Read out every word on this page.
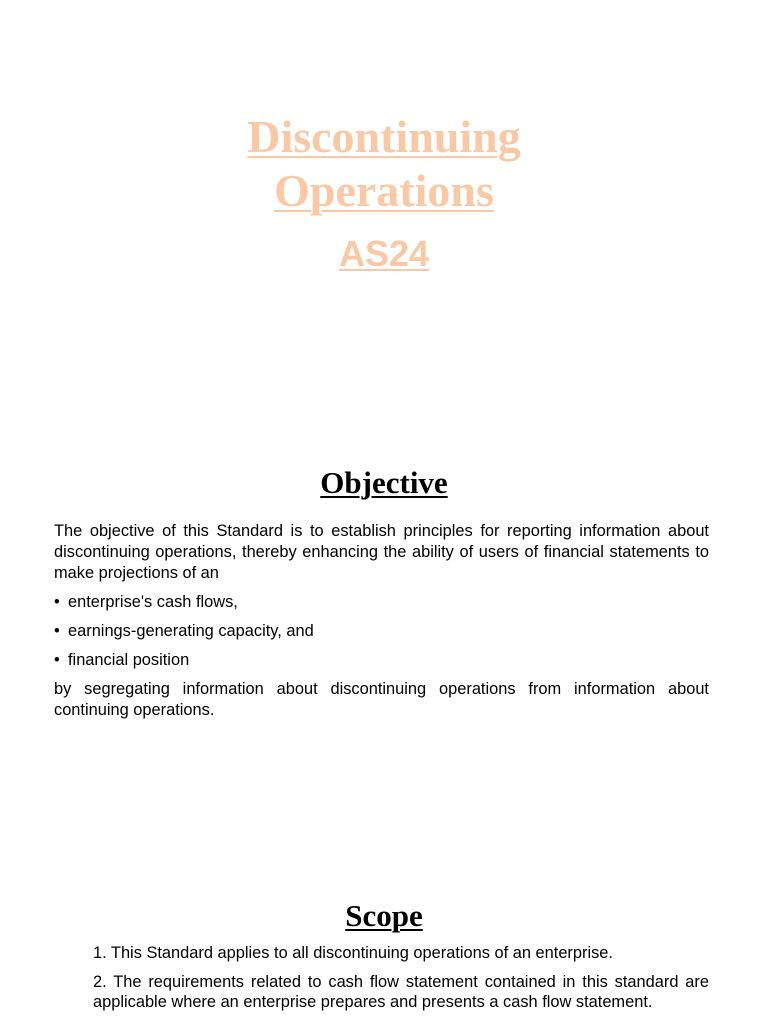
Discontinuing
Operations
AS24
Objective
The objective of this Standard is to establish principles for reporting information about discontinuing operations, thereby enhancing the ability of users of financial statements to make projections of an
• enterprise's cash flows,
• earnings-generating capacity, and
• financial position
by segregating information about discontinuing operations from information about continuing operations.
Scope
1. This Standard applies to all discontinuing operations of an enterprise.
2. The requirements related to cash flow statement contained in this standard are applicable where an enterprise prepares and presents a cash flow statement.
